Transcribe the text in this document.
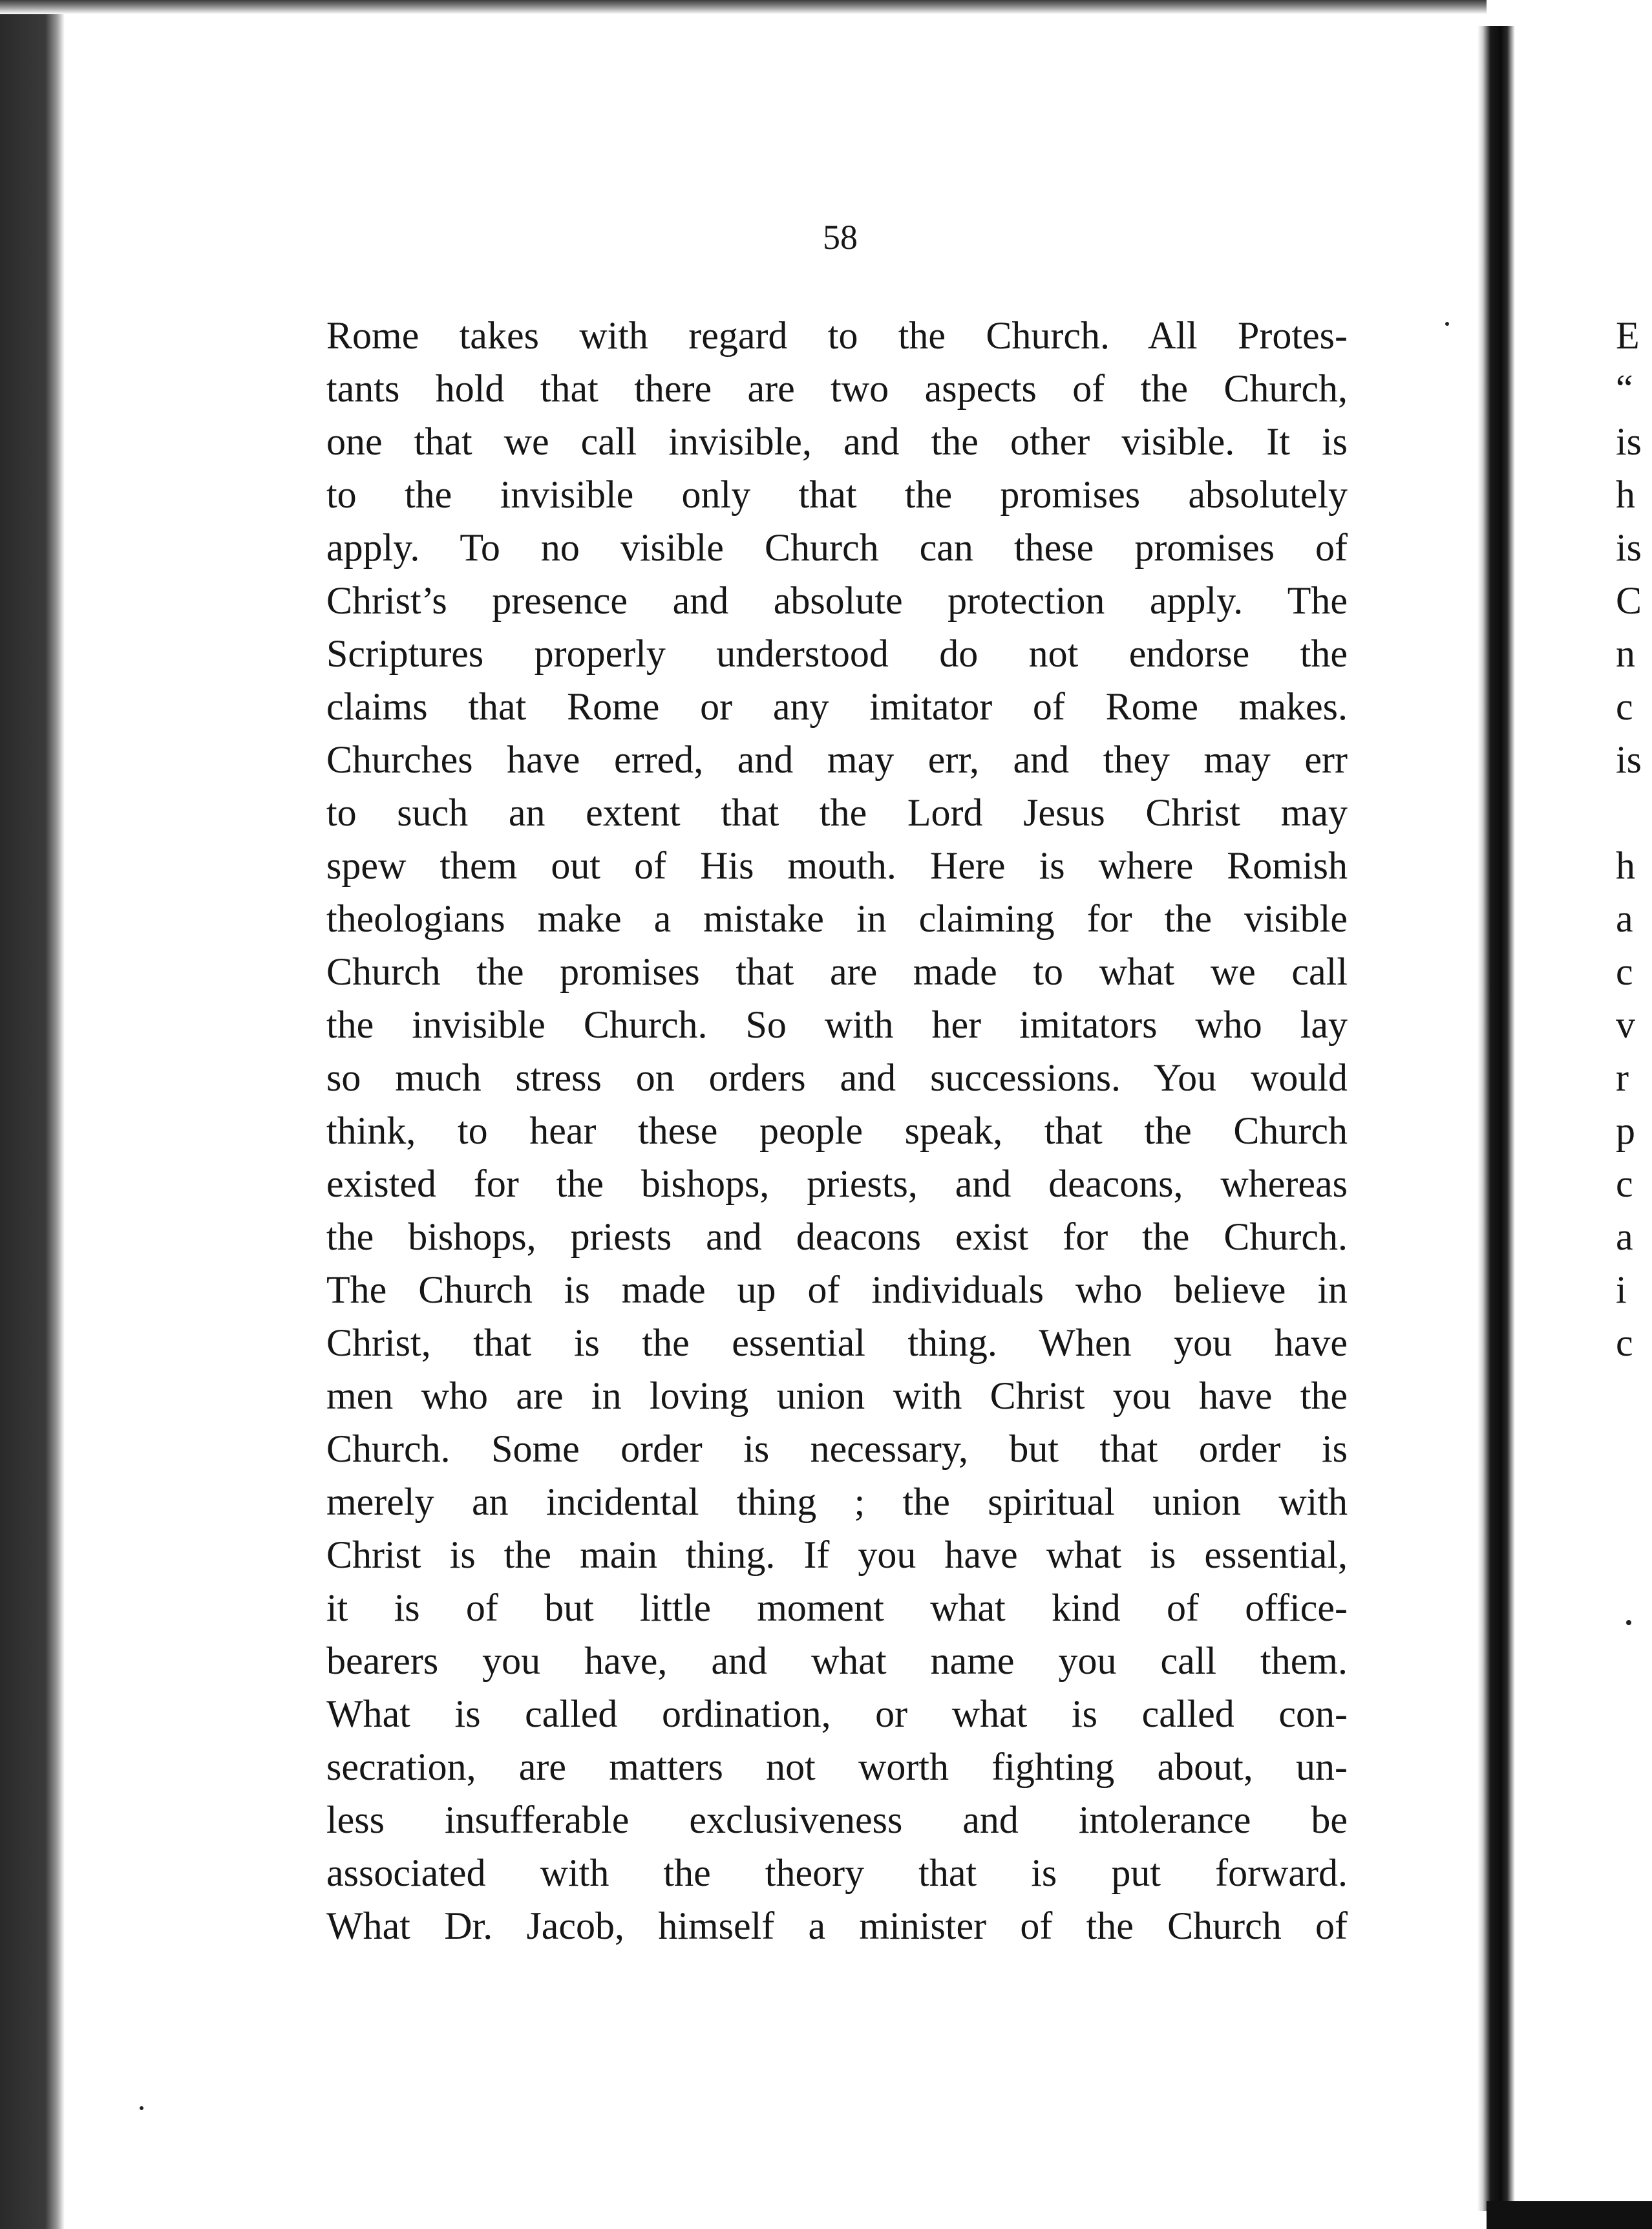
58
Rome takes with regard to the Church. All Protes-
tants hold that there are two aspects of the Church,
one that we call invisible, and the other visible. It is
to the invisible only that the promises absolutely
apply. To no visible Church can these promises of
Christ’s presence and absolute protection apply. The
Scriptures properly understood do not endorse the
claims that Rome or any imitator of Rome makes.
Churches have erred, and may err, and they may err
to such an extent that the Lord Jesus Christ may
spew them out of His mouth. Here is where Romish
theologians make a mistake in claiming for the visible
Church the promises that are made to what we call
the invisible Church. So with her imitators who lay
so much stress on orders and successions. You would
think, to hear these people speak, that the Church
existed for the bishops, priests, and deacons, whereas
the bishops, priests and deacons exist for the Church.
The Church is made up of individuals who believe in
Christ, that is the essential thing. When you have
men who are in loving union with Christ you have the
Church. Some order is necessary, but that order is
merely an incidental thing ; the spiritual union with
Christ is the main thing. If you have what is essential,
it is of but little moment what kind of office-
bearers you have, and what name you call them.
What is called ordination, or what is called con-
secration, are matters not worth fighting about, un-
less insufferable exclusiveness and intolerance be
associated with the theory that is put forward.
What Dr. Jacob, himself a minister of the Church of
E
“
is
h
is
C
n
c
is
h
a
c
v
r
p
c
a
i
c
